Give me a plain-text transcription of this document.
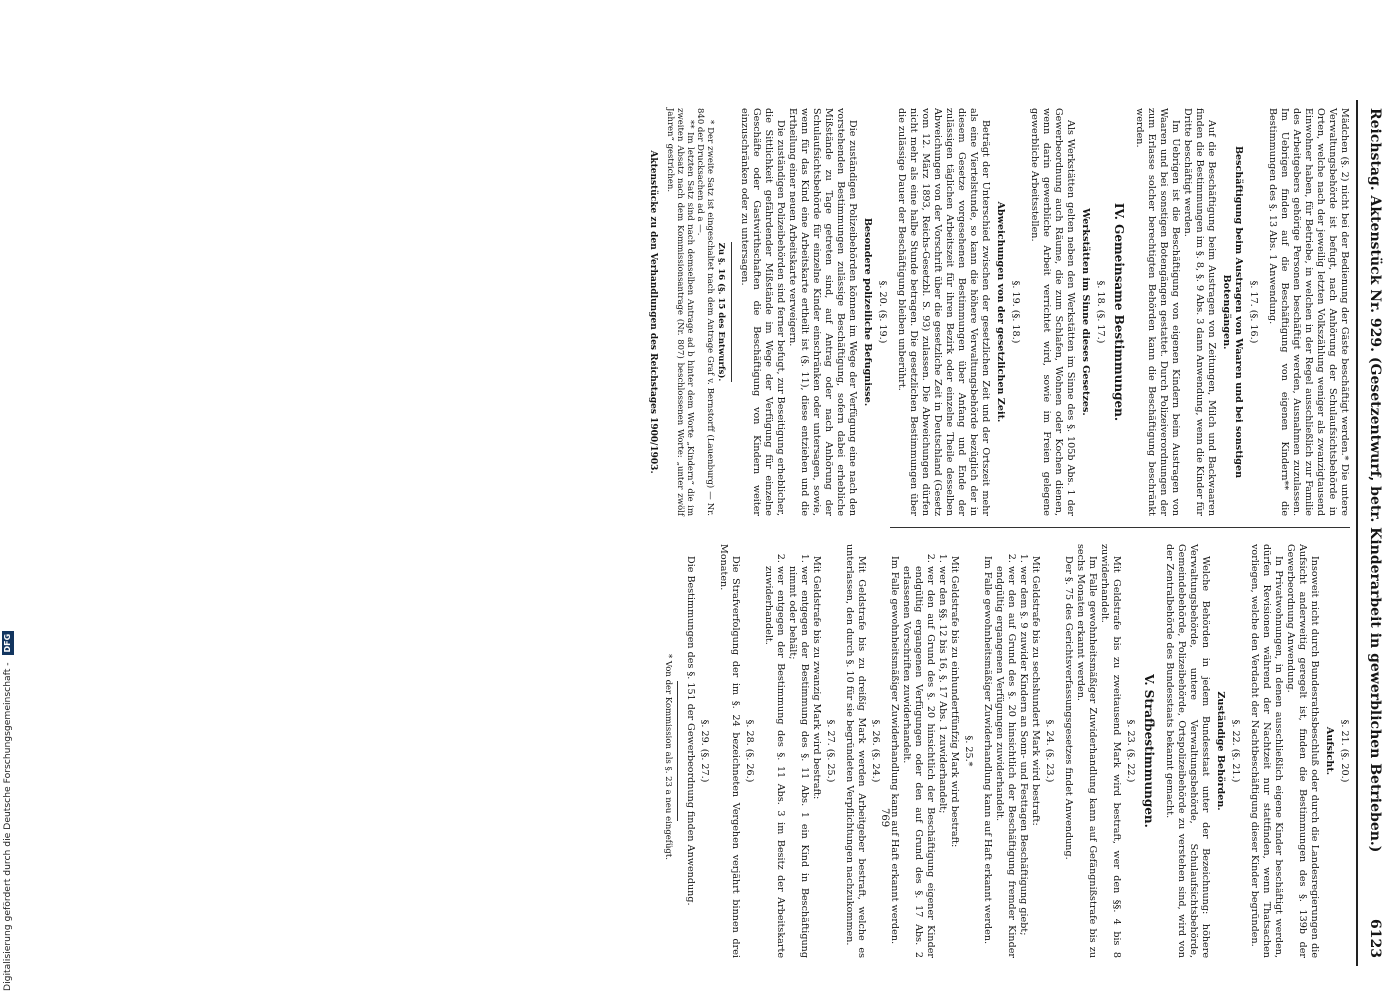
Reichstag. Aktenstück Nr. 929. (Gesetzentwurf, betr. Kinderarbeit in gewerblichen Betrieben.)
6123

Mädchen (§. 2) nicht bei der Bedienung der Gäste beschäftigt werden.* Die untere Verwaltungsbehörde ist befugt, nach Anhörung der Schulaufsichtsbehörde in Orten, welche nach der jeweilig letzten Volkszählung weniger als zwanzigtausend Einwohner haben, für Betriebe, in welchen in der Regel ausschließlich zur Familie des Arbeitgebers gehörige Personen beschäftigt werden, Ausnahmen zuzulassen. Im Uebrigen finden auf die Beschäftigung von eigenen Kindern** die Bestimmungen des §. 13 Abs. 1 Anwendung.

§. 17. (§. 16.)
Beschäftigung beim Austragen von Waaren und bei sonstigen Botengängen.

Auf die Beschäftigung beim Austragen von Zeitungen, Milch und Backwaaren finden die Bestimmungen im §. 8, §. 9 Abs. 3 dann Anwendung, wenn die Kinder für Dritte beschäftigt werden.

Im Uebrigen ist die Beschäftigung von eigenen Kindern beim Austragen von Waaren und bei sonstigen Botengängen gestattet. Durch Polizeiverordnungen der zum Erlasse solcher berechtigten Behörden kann die Beschäftigung beschränkt werden.

IV. Gemeinsame Bestimmungen.
§. 18. (§. 17.)
Werkstätten im Sinne dieses Gesetzes.

Als Werkstätten gelten neben den Werkstätten im Sinne des §. 105b Abs. 1 der Gewerbeordnung auch Räume, die zum Schlafen, Wohnen oder Kochen dienen, wenn darin gewerbliche Arbeit verrichtet wird, sowie im Freien gelegene gewerbliche Arbeitsstellen.

§. 19. (§. 18.)
Abweichungen von der gesetzlichen Zeit.

Beträgt der Unterschied zwischen der gesetzlichen Zeit und der Ortszeit mehr als eine Viertelstunde, so kann die höhere Verwaltungsbehörde bezüglich der in diesem Gesetze vorgesehenen Bestimmungen über Anfang und Ende der zulässigen täglichen Arbeitszeit für ihren Bezirk oder einzelne Theile desselben Abweichungen von der Vorschrift über die gesetzliche Zeit in Deutschland (Gesetz vom 12. März 1893, Reichs-Gesetzbl. S. 93) zulassen. Die Abweichungen dürfen nicht mehr als eine halbe Stunde betragen. Die gesetzlichen Bestimmungen über die zulässige Dauer der Beschäftigung bleiben unberührt.

§. 20. (§. 19.)
Besondere polizeiliche Befugnisse.

Die zuständigen Polizeibehörden können im Wege der Verfügung eine nach den vorstehenden Bestimmungen zulässige Beschäftigung, sofern dabei erhebliche Mißstände zu Tage getreten sind, auf Antrag oder nach Anhörung der Schulaufsichtsbehörde für einzelne Kinder einschränken oder untersagen, sowie, wenn für das Kind eine Arbeitskarte ertheilt ist (§. 11), diese entziehen und die Ertheilung einer neuen Arbeitskarte verweigern.

Die zuständigen Polizeibehörden sind ferner befugt, zur Beseitigung erheblicher, die Sittlichkeit gefährdender Mißstände im Wege der Verfügung für einzelne Geschäfte oder Gastwirthschaften die Beschäftigung von Kindern weiter einzuschränken oder zu untersagen.

Zu §. 16 (§. 15 des Entwurfs).

* Der zweite Satz ist eingeschaltet nach dem Antrage Graf v. Bernstorff (Lauenburg) — Nr. 840 der Drucksachen ad a —.

** Im letzten Satz sind nach demselben Antrage ad b hinter dem Worte „Kindern“ die im zweiten Absatz nach dem Kommissionsantrage (Nr. 807) beschlossenen Worte: „unter zwölf Jahren“ gestrichen.

Aktenstücke zu den Verhandlungen des Reichstages 1900/1903.
§. 21. (§. 20.)
Aufsicht.

Insoweit nicht durch Bundesrathsbeschluß oder durch die Landesregierungen die Aufsicht anderweitig geregelt ist, finden die Bestimmungen des §. 139b der Gewerbeordnung Anwendung.

In Privatwohnungen, in denen ausschließlich eigene Kinder beschäftigt werden, dürfen Revisionen während der Nachtzeit nur stattfinden, wenn Thatsachen vorliegen, welche den Verdacht der Nachtbeschäftigung dieser Kinder begründen.

§. 22. (§. 21.)
Zuständige Behörden.

Welche Behörden in jedem Bundesstaat unter der Bezeichnung: höhere Verwaltungsbehörde, untere Verwaltungsbehörde, Schulaufsichtsbehörde, Gemeindebehörde, Polizeibehörde, Ortspolizeibehörde zu verstehen sind, wird von der Zentralbehörde des Bundesstaats bekannt gemacht.

V. Strafbestimmungen.
§. 23. (§. 22.)

Mit Geldstrafe bis zu zweitausend Mark wird bestraft, wer den §§. 4 bis 8 zuwiderhandelt.

Im Falle gewohnheitsmäßiger Zuwiderhandlung kann auf Gefängnißstrafe bis zu sechs Monaten erkannt werden.

Der §. 75 des Gerichtsverfassungsgesetzes findet Anwendung.

§. 24. (§. 23.)

Mit Geldstrafe bis zu sechshundert Mark wird bestraft:

1. wer dem §. 9 zuwider Kindern an Sonn- und Festtagen Beschäftigung giebt;
2. wer den auf Grund des §. 20 hinsichtlich der Beschäftigung fremder Kinder endgültig ergangenen Verfügungen zuwiderhandelt.

Im Falle gewohnheitsmäßiger Zuwiderhandlung kann auf Haft erkannt werden.

§. 25.*

Mit Geldstrafe bis zu einhundertfünfzig Mark wird bestraft:

1. wer den §§. 12 bis 16, §. 17 Abs. 1 zuwiderhandelt;
2. wer den auf Grund des §. 20 hinsichtlich der Beschäftigung eigener Kinder endgültig ergangenen Verfügungen oder den auf Grund des §. 17 Abs. 2 erlassenen Vorschriften zuwiderhandelt.

Im Falle gewohnheitsmäßiger Zuwiderhandlung kann auf Haft erkannt werden.

§. 26. (§. 24.)

Mit Geldstrafe bis zu dreißig Mark werden Arbeitgeber bestraft, welche es unterlassen, den durch §. 10 für sie begründeten Verpflichtungen nachzukommen.

§. 27. (§. 25.)

Mit Geldstrafe bis zu zwanzig Mark wird bestraft:

1. wer entgegen der Bestimmung des §. 11 Abs. 1 ein Kind in Beschäftigung nimmt oder behält;
2. wer entgegen der Bestimmung des §. 11 Abs. 3 im Besitz der Arbeitskarte zuwiderhandelt.
§. 28. (§. 26.)

Die Strafverfolgung der im §. 24 bezeichneten Vergehen verjährt binnen drei Monaten.

§. 29. (§. 27.)

Die Bestimmungen des §. 151 der Gewerbeordnung finden Anwendung.

* Von der Kommission als §. 23 a neu eingefügt.	769
Digitalisierung gefördert durch die Deutsche Forschungsgemeinschaft - DFG
